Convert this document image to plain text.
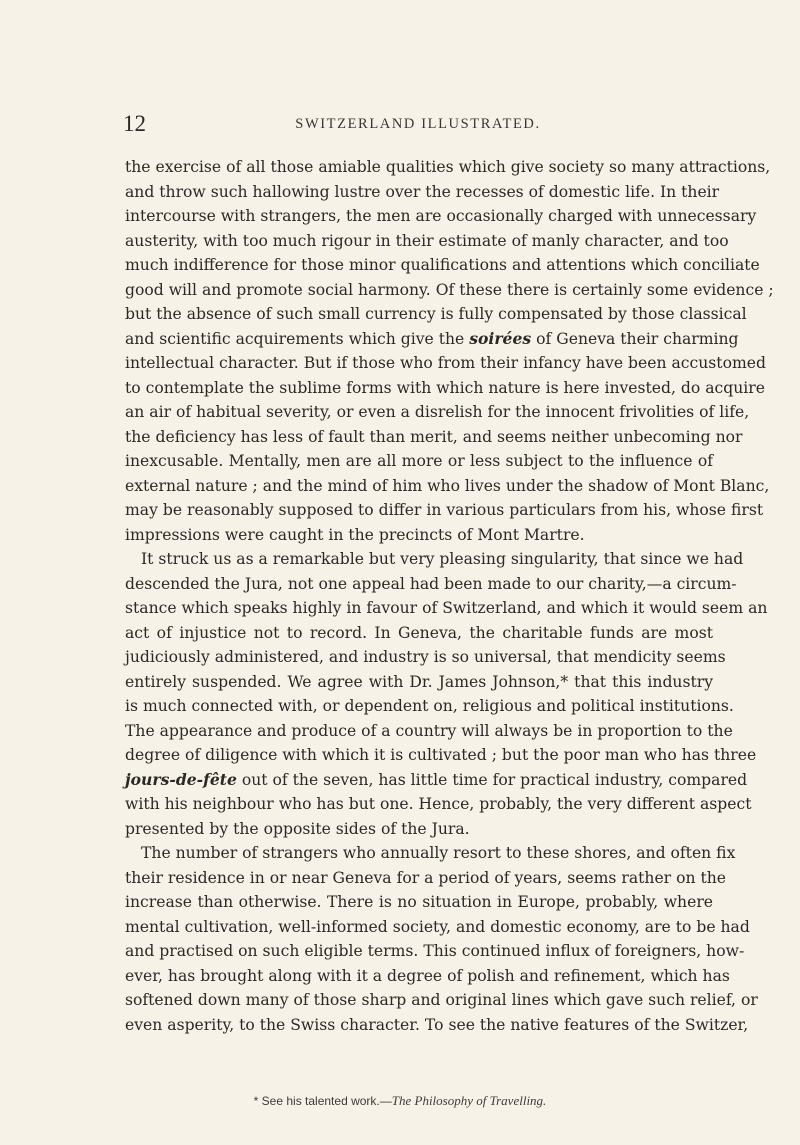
12	SWITZERLAND ILLUSTRATED.
the exercise of all those amiable qualities which give society so many attractions,
and throw such hallowing lustre over the recesses of domestic life. In their
intercourse with strangers, the men are occasionally charged with unnecessary
austerity, with too much rigour in their estimate of manly character, and too
much indifference for those minor qualifications and attentions which conciliate
good will and promote social harmony. Of these there is certainly some evidence ;
but the absence of such small currency is fully compensated by those classical
and scientific acquirements which give the soirées of Geneva their charming
intellectual character. But if those who from their infancy have been accustomed
to contemplate the sublime forms with which nature is here invested, do acquire
an air of habitual severity, or even a disrelish for the innocent frivolities of life,
the deficiency has less of fault than merit, and seems neither unbecoming nor
inexcusable. Mentally, men are all more or less subject to the influence of
external nature ; and the mind of him who lives under the shadow of Mont Blanc,
may be reasonably supposed to differ in various particulars from his, whose first
impressions were caught in the precincts of Mont Martre.
It struck us as a remarkable but very pleasing singularity, that since we had
descended the Jura, not one appeal had been made to our charity,—a circum-
stance which speaks highly in favour of Switzerland, and which it would seem an
act of injustice not to record. In Geneva, the charitable funds are most
judiciously administered, and industry is so universal, that mendicity seems
entirely suspended. We agree with Dr. James Johnson,* that this industry
is much connected with, or dependent on, religious and political institutions.
The appearance and produce of a country will always be in proportion to the
degree of diligence with which it is cultivated ; but the poor man who has three
jours-de-fête out of the seven, has little time for practical industry, compared
with his neighbour who has but one. Hence, probably, the very different aspect
presented by the opposite sides of the Jura.
The number of strangers who annually resort to these shores, and often fix
their residence in or near Geneva for a period of years, seems rather on the
increase than otherwise. There is no situation in Europe, probably, where
mental cultivation, well-informed society, and domestic economy, are to be had
and practised on such eligible terms. This continued influx of foreigners, how-
ever, has brought along with it a degree of polish and refinement, which has
softened down many of those sharp and original lines which gave such relief, or
even asperity, to the Swiss character. To see the native features of the Switzer,
* See his talented work.—The Philosophy of Travelling.
